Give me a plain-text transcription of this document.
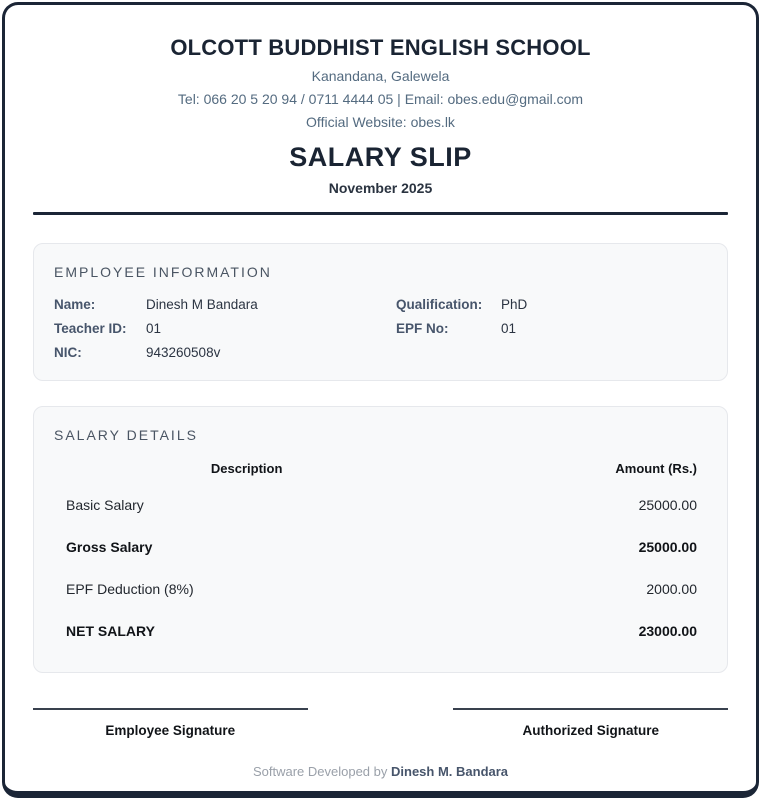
OLCOTT BUDDHIST ENGLISH SCHOOL
Kanandana, Galewela
Tel: 066 20 5 20 94 / 0711 4444 05 | Email: obes.edu@gmail.com
Official Website: obes.lk
SALARY SLIP
November 2025
EMPLOYEE INFORMATION
Name:	Dinesh M Bandara	Qualification:	PhD
Teacher ID:	01	EPF No:	01
NIC:	943260508v
SALARY DETAILS
Description	Amount (Rs.)
Basic Salary	25000.00
Gross Salary	25000.00
EPF Deduction (8%)	2000.00
NET SALARY	23000.00
Employee Signature	Authorized Signature
Software Developed by Dinesh M. Bandara
